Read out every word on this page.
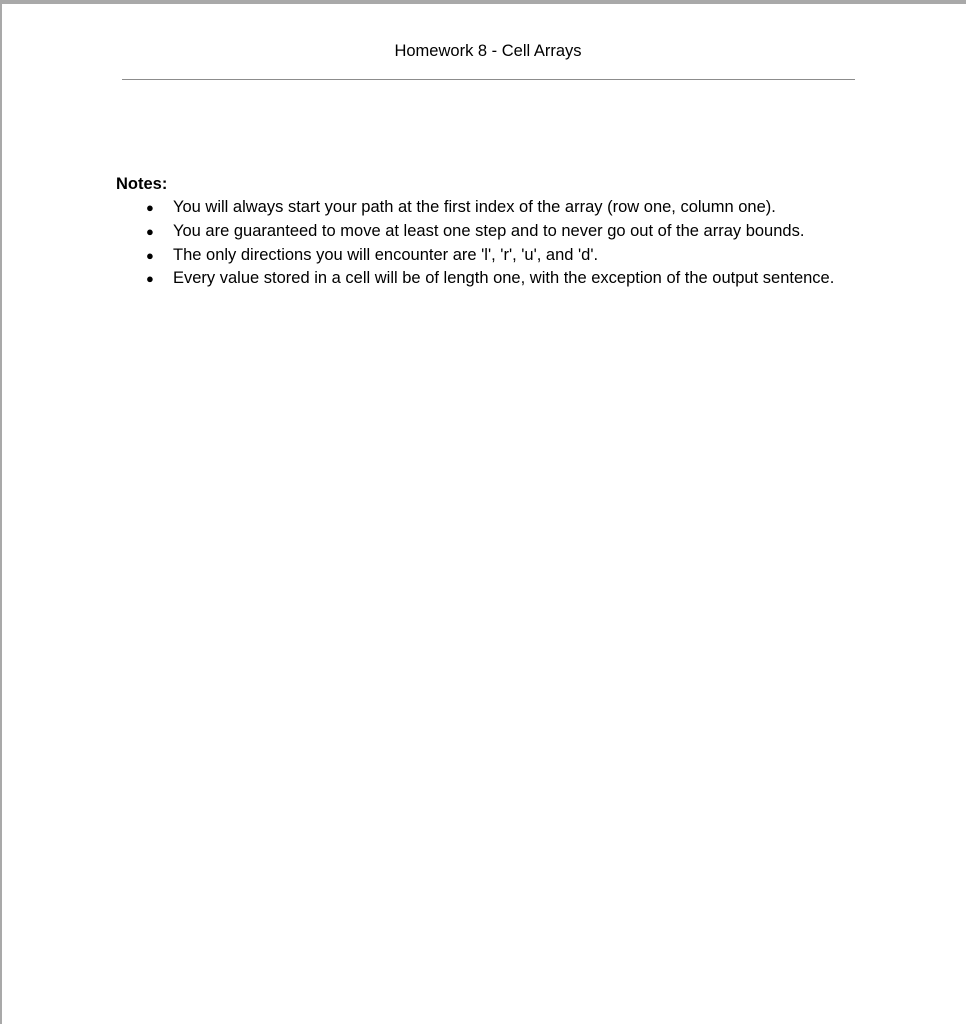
Homework 8 - Cell Arrays

Notes:

● You will always start your path at the first index of the array (row one, column one).
● You are guaranteed to move at least one step and to never go out of the array bounds.
● The only directions you will encounter are 'l', 'r', 'u', and 'd'.
● Every value stored in a cell will be of length one, with the exception of the output sentence.
